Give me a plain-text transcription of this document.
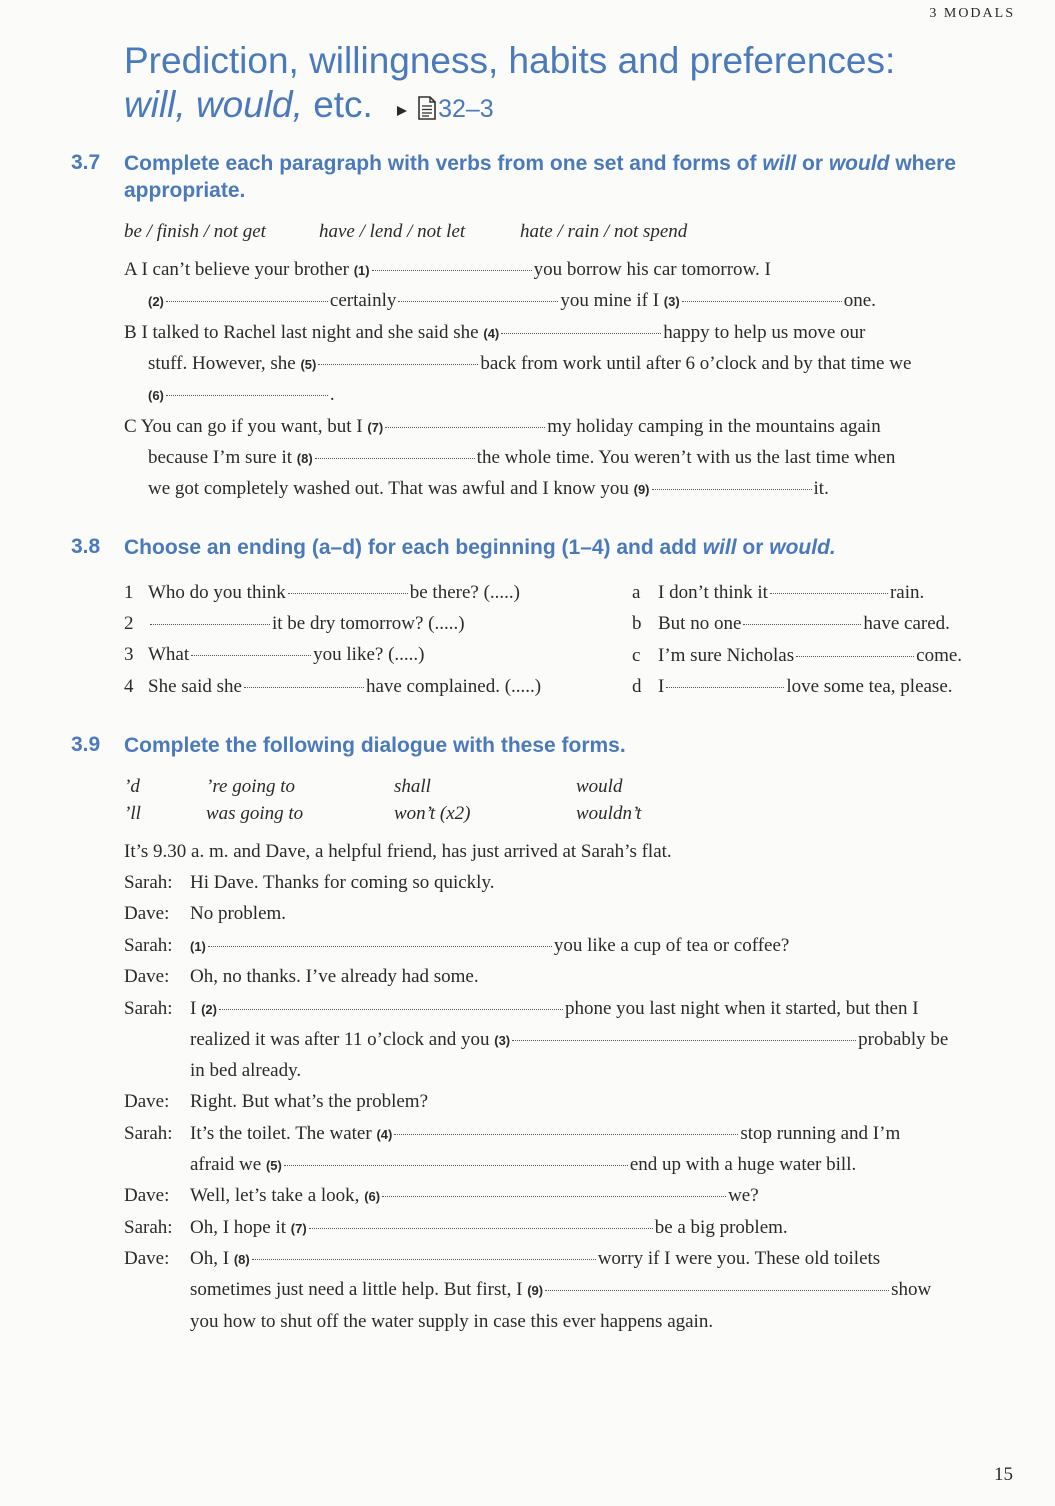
3 MODALS
Prediction, willingness, habits and preferences:
will, would, etc.	32–3
3.7 Complete each paragraph with verbs from one set and forms of will or would where
appropriate.
be / finish / not get	have / lend / not let	hate / rain / not spend
A I can’t believe your brother (1)	you borrow his car tomorrow. I
(2)	certainly	you mine if I (3)	one.
B I talked to Rachel last night and she said she (4)	happy to help us move our
stuff. However, she (5)	back from work until after 6 o’clock and by that time we
(6)	.
C You can go if you want, but I (7)	my holiday camping in the mountains again
because I’m sure it (8)	the whole time. You weren’t with us the last time when
we got completely washed out. That was awful and I know you (9)	it.
3.8 Choose an ending (a–d) for each beginning (1–4) and add will or would.
1 Who do you think	be there? (.....)
2	it be dry tomorrow? (.....)
3 What	you like? (.....)
4 She said she	have complained. (.....)
a I don’t think it	rain.
b But no one	have cared.
c I’m sure Nicholas	come.
d I	love some tea, please.
3.9 Complete the following dialogue with these forms.
’d	’re going to	shall	would
’ll	was going to	won’t (x2)	wouldn’t
It’s 9.30 a. m. and Dave, a helpful friend, has just arrived at Sarah’s flat.
Sarah: Hi Dave. Thanks for coming so quickly.
Dave: No problem.
Sarah: (1)	you like a cup of tea or coffee?
Dave: Oh, no thanks. I’ve already had some.
Sarah: I (2)	phone you last night when it started, but then I
realized it was after 11 o’clock and you (3)	probably be
in bed already.
Dave: Right. But what’s the problem?
Sarah: It’s the toilet. The water (4)	stop running and I’m
afraid we (5)	end up with a huge water bill.
Dave: Well, let’s take a look, (6)	we?
Sarah: Oh, I hope it (7)	be a big problem.
Dave: Oh, I (8)	worry if I were you. These old toilets
sometimes just need a little help. But first, I (9)	show
you how to shut off the water supply in case this ever happens again.
15
